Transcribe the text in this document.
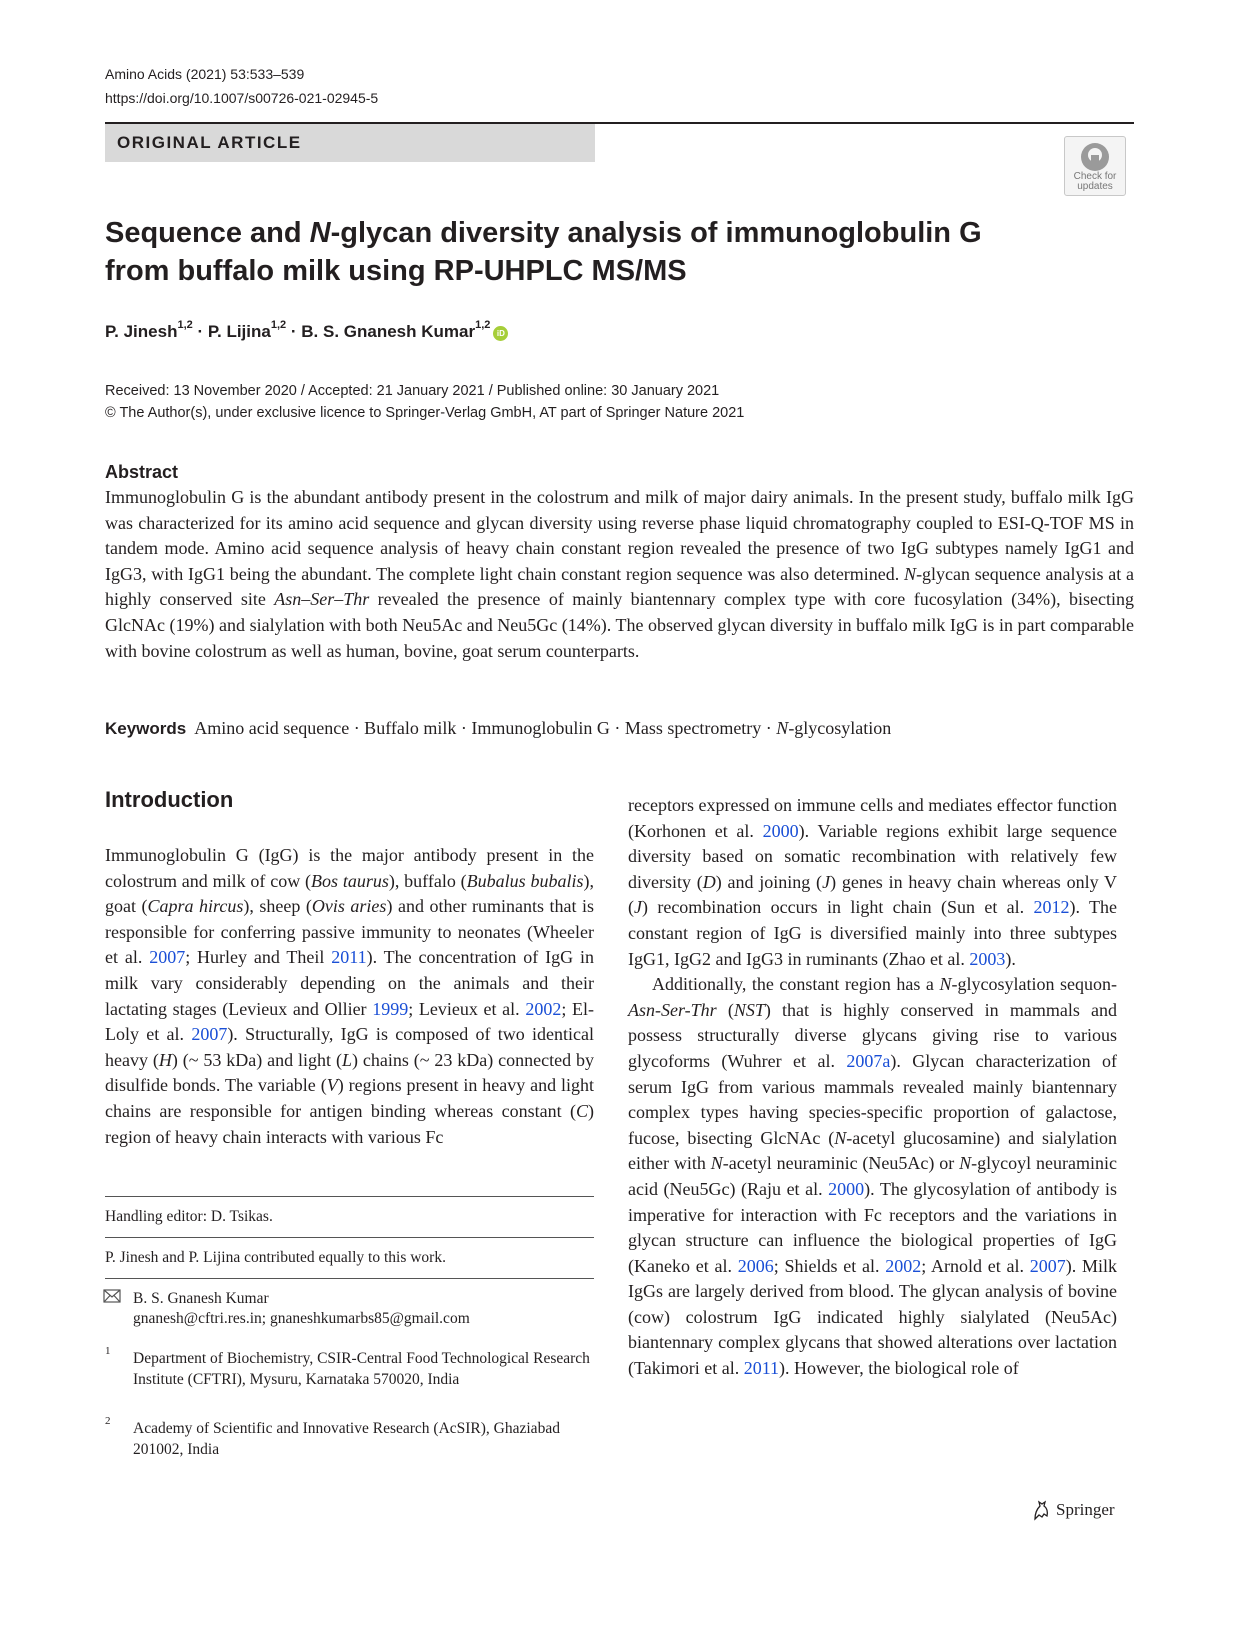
Amino Acids (2021) 53:533–539
https://doi.org/10.1007/s00726-021-02945-5
ORIGINAL ARTICLE
Check for updates
Sequence and N-glycan diversity analysis of immunoglobulin G
from buffalo milk using RP-UHPLC MS/MS
P. Jinesh$^{1,2}$ · P. Lijina$^{1,2}$ · B. S. Gnanesh Kumar$^{1,2}$
iD
Received: 13 November 2020 / Accepted: 21 January 2021 / Published online: 30 January 2021
© The Author(s), under exclusive licence to Springer-Verlag GmbH, AT part of Springer Nature 2021
Abstract
Immunoglobulin G is the abundant antibody present in the colostrum and milk of major dairy animals. In the present study, buffalo milk IgG was characterized for its amino acid sequence and glycan diversity using reverse phase liquid chromatography coupled to ESI-Q-TOF MS in tandem mode. Amino acid sequence analysis of heavy chain constant region revealed the presence of two IgG subtypes namely IgG1 and IgG3, with IgG1 being the abundant. The complete light chain constant region sequence was also determined. N-glycan sequence analysis at a highly conserved site Asn–Ser–Thr revealed the presence of mainly biantennary complex type with core fucosylation (34%), bisecting GlcNAc (19%) and sialylation with both Neu5Ac and Neu5Gc (14%). The observed glycan diversity in buffalo milk IgG is in part comparable with bovine colostrum as well as human, bovine, goat serum counterparts.
Keywords Amino acid sequence · Buffalo milk · Immunoglobulin G · Mass spectrometry · N-glycosylation
Introduction

Immunoglobulin G (IgG) is the major antibody present in the colostrum and milk of cow (Bos taurus), buffalo (Bubalus bubalis), goat (Capra hircus), sheep (Ovis aries) and other ruminants that is responsible for conferring passive immunity to neonates (Wheeler et al. 2007; Hurley and Theil 2011). The concentration of IgG in milk vary considerably depending on the animals and their lactating stages (Levieux and Ollier 1999; Levieux et al. 2002; El-Loly et al. 2007). Structurally, IgG is composed of two identical heavy (H) (~ 53 kDa) and light (L) chains (~ 23 kDa) connected by disulfide bonds. The variable (V) regions present in heavy and light chains are responsible for antigen binding whereas constant (C) region of heavy chain interacts with various Fc

receptors expressed on immune cells and mediates effector function (Korhonen et al. 2000). Variable regions exhibit large sequence diversity based on somatic recombination with relatively few diversity (D) and joining (J) genes in heavy chain whereas only V (J) recombination occurs in light chain (Sun et al. 2012). The constant region of IgG is diversified mainly into three subtypes IgG1, IgG2 and IgG3 in ruminants (Zhao et al. 2003).

Additionally, the constant region has a N-glycosylation sequon- Asn-Ser-Thr (NST) that is highly conserved in mammals and possess structurally diverse glycans giving rise to various glycoforms (Wuhrer et al. 2007a). Glycan characterization of serum IgG from various mammals revealed mainly biantennary complex types having species-specific proportion of galactose, fucose, bisecting GlcNAc (N-acetyl glucosamine) and sialylation either with N-acetyl neuraminic (Neu5Ac) or N-glycoyl neuraminic acid (Neu5Gc) (Raju et al. 2000). The glycosylation of antibody is imperative for interaction with Fc receptors and the variations in glycan structure can influence the biological properties of IgG (Kaneko et al. 2006; Shields et al. 2002; Arnold et al. 2007). Milk IgGs are largely derived from blood. The glycan analysis of bovine (cow) colostrum IgG indicated highly sialylated (Neu5Ac) biantennary complex glycans that showed alterations over lactation (Takimori et al. 2011). However, the biological role of

Handling editor: D. Tsikas.
P. Jinesh and P. Lijina contributed equally to this work.
B. S. Gnanesh Kumar
gnanesh@cftri.res.in; gnaneshkumarbs85@gmail.com
1 Department of Biochemistry, CSIR-Central Food Technological Research Institute (CFTRI), Mysuru, Karnataka 570020, India
2 Academy of Scientific and Innovative Research (AcSIR), Ghaziabad 201002, India
Springer
